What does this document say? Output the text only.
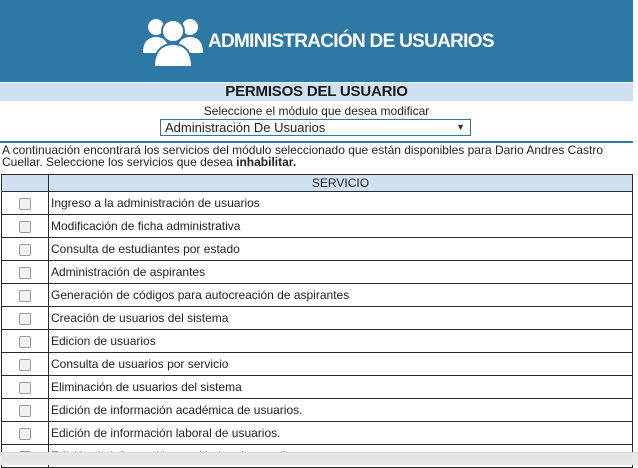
ADMINISTRACIÓN DE USUARIOS
PERMISOS DEL USUARIO
Seleccione el módulo que desea modificar
Administración De Usuarios	▼
A continuación encontrará los servicios del módulo seleccionado que están disponibles para Dario Andres Castro Cuellar. Seleccione los servicios que desea inhabilitar.
	SERVICIO
	Ingreso a la administración de usuarios
	Modificación de ficha administrativa
	Consulta de estudiantes por estado
	Administración de aspirantes
	Generación de códigos para autocreación de aspirantes
	Creación de usuarios del sistema
	Edicion de usuarios
	Consulta de usuarios por servicio
	Eliminación de usuarios del sistema
	Edición de información académica de usuarios.
	Edición de información laboral de usuarios.
